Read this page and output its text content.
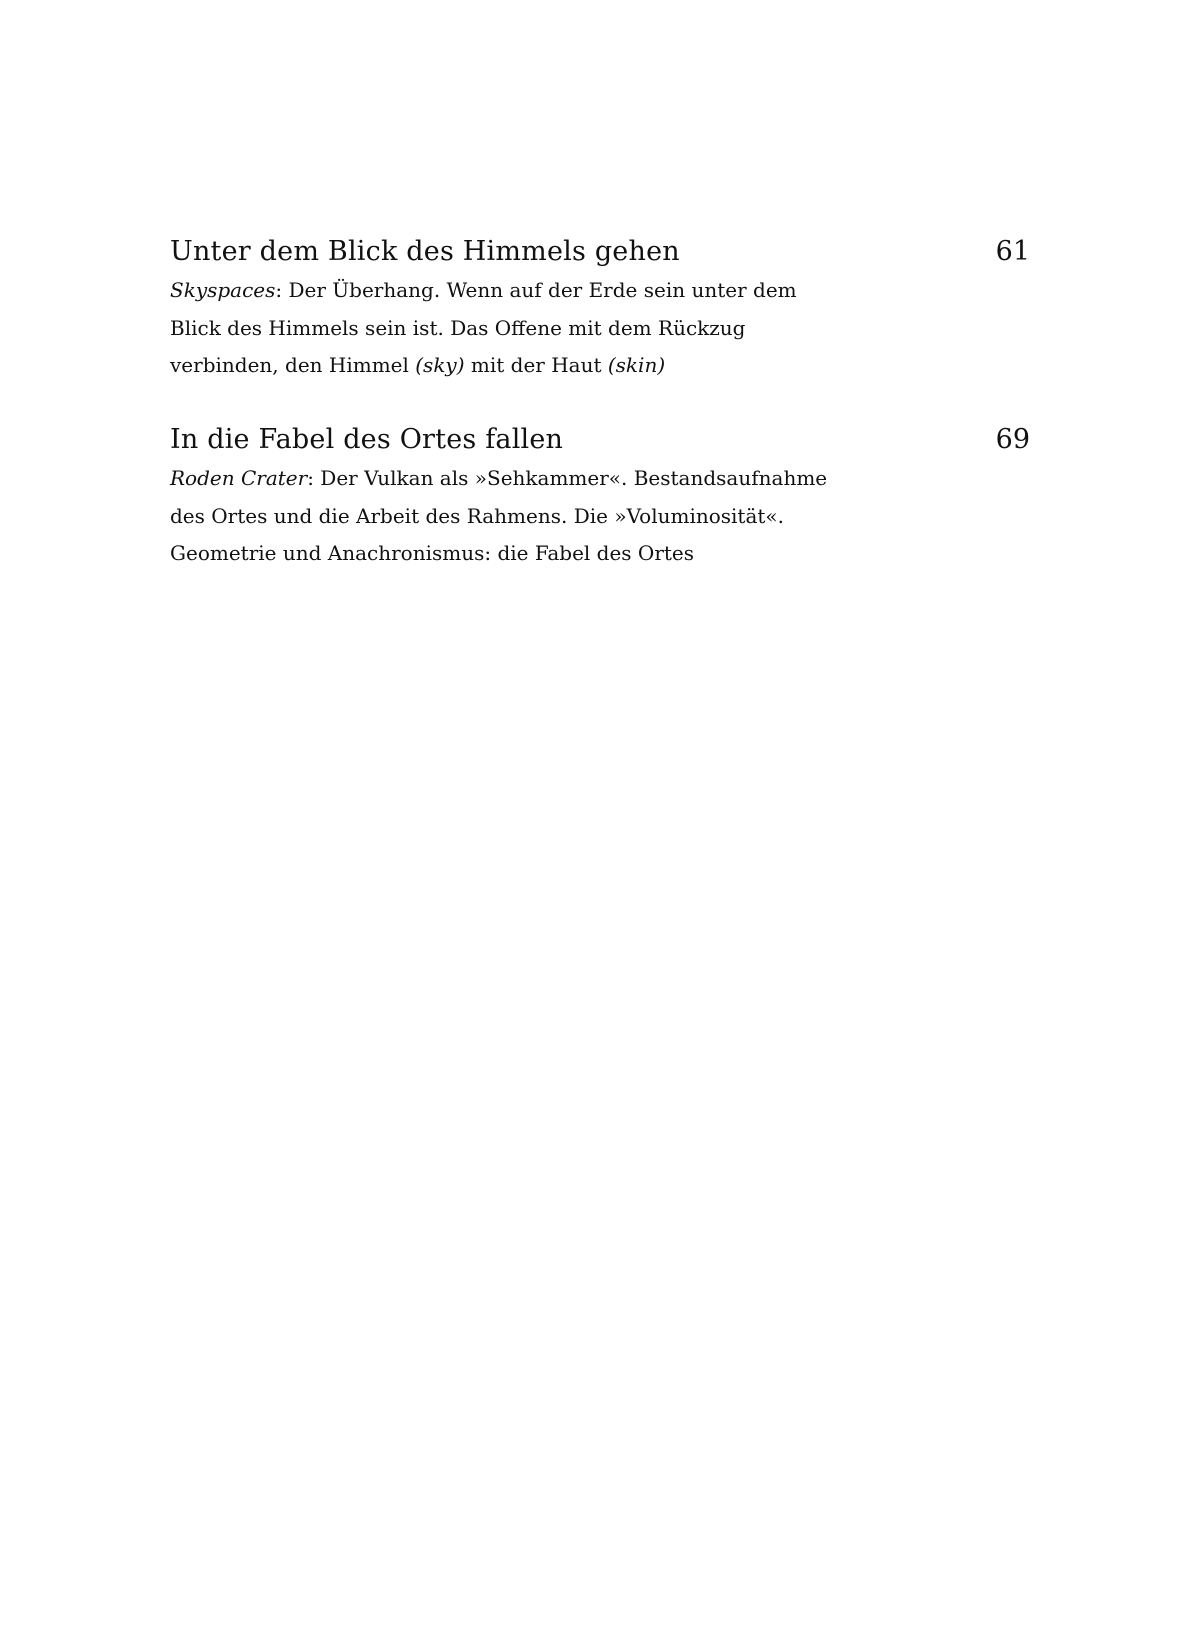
Unter dem Blick des Himmels gehen	61
Skyspaces: Der Überhang. Wenn auf der Erde sein unter dem
Blick des Himmels sein ist. Das Offene mit dem Rückzug
verbinden, den Himmel (sky) mit der Haut (skin)
In die Fabel des Ortes fallen	69
Roden Crater: Der Vulkan als »Sehkammer«. Bestandsaufnahme
des Ortes und die Arbeit des Rahmens. Die »Voluminosität«.
Geometrie und Anachronismus: die Fabel des Ortes
